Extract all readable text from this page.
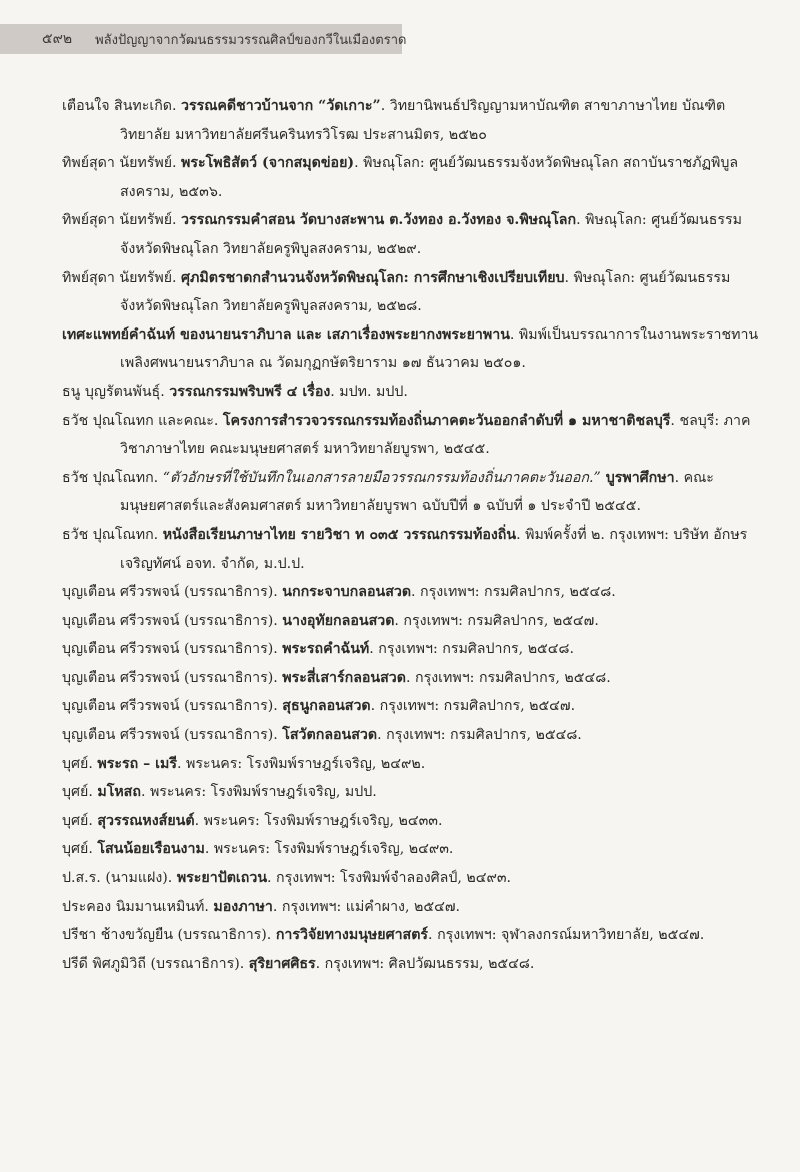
๕๙๒ พลังปัญญาจากวัฒนธรรมวรรณศิลป์ของกวีในเมืองตราด

เตือนใจ สินทะเกิด. วรรณคดีชาวบ้านจาก “วัดเกาะ”. วิทยานิพนธ์ปริญญามหาบัณฑิต สาขาภาษาไทย บัณฑิตวิทยาลัย มหาวิทยาลัยศรีนครินทรวิโรฒ ประสานมิตร, ๒๕๒๐

ทิพย์สุดา นัยทรัพย์. พระโพธิสัตว์ (จากสมุดข่อย). พิษณุโลก: ศูนย์วัฒนธรรมจังหวัดพิษณุโลก สถาบันราชภัฏพิบูลสงคราม, ๒๕๓๖.

ทิพย์สุดา นัยทรัพย์. วรรณกรรมคำสอน วัดบางสะพาน ต.วังทอง อ.วังทอง จ.พิษณุโลก. พิษณุโลก: ศูนย์วัฒนธรรมจังหวัดพิษณุโลก วิทยาลัยครูพิบูลสงคราม, ๒๕๒๙.

ทิพย์สุดา นัยทรัพย์. ศุภมิตรชาดกสำนวนจังหวัดพิษณุโลก: การศึกษาเชิงเปรียบเทียบ. พิษณุโลก: ศูนย์วัฒนธรรมจังหวัดพิษณุโลก วิทยาลัยครูพิบูลสงคราม, ๒๕๒๘.

เทศะแพทย์คำฉันท์ ของนายนราภิบาล และ เสภาเรื่องพระยากงพระยาพาน. พิมพ์เป็นบรรณาการในงานพระราชทานเพลิงศพนายนราภิบาล ณ วัดมกุฏกษัตริยาราม ๑๗ ธันวาคม ๒๕๐๑.

ธนู บุญรัตนพันธุ์. วรรณกรรมพริบพรี ๔ เรื่อง. มปท. มปป.

ธวัช ปุณโณทก และคณะ. โครงการสำรวจวรรณกรรมท้องถิ่นภาคตะวันออกลำดับที่ ๑ มหาชาติชลบุรี. ชลบุรี: ภาควิชาภาษาไทย คณะมนุษยศาสตร์ มหาวิทยาลัยบูรพา, ๒๕๔๕.

ธวัช ปุณโณทก. “ตัวอักษรที่ใช้บันทึกในเอกสารลายมือวรรณกรรมท้องถิ่นภาคตะวันออก.” บูรพาศึกษา. คณะมนุษยศาสตร์และสังคมศาสตร์ มหาวิทยาลัยบูรพา ฉบับปีที่ ๑ ฉบับที่ ๑ ประจำปี ๒๕๔๕.

ธวัช ปุณโณทก. หนังสือเรียนภาษาไทย รายวิชา ท ๐๓๕ วรรณกรรมท้องถิ่น. พิมพ์ครั้งที่ ๒. กรุงเทพฯ: บริษัท อักษรเจริญทัศน์ อจท. จำกัด, ม.ป.ป.

บุญเตือน ศรีวรพจน์ (บรรณาธิการ). นกกระจาบกลอนสวด. กรุงเทพฯ: กรมศิลปากร, ๒๕๔๘.

บุญเตือน ศรีวรพจน์ (บรรณาธิการ). นางอุทัยกลอนสวด. กรุงเทพฯ: กรมศิลปากร, ๒๕๔๗.

บุญเตือน ศรีวรพจน์ (บรรณาธิการ). พระรถคำฉันท์. กรุงเทพฯ: กรมศิลปากร, ๒๕๔๘.

บุญเตือน ศรีวรพจน์ (บรรณาธิการ). พระสี่เสาร์กลอนสวด. กรุงเทพฯ: กรมศิลปากร, ๒๕๔๘.

บุญเตือน ศรีวรพจน์ (บรรณาธิการ). สุธนูกลอนสวด. กรุงเทพฯ: กรมศิลปากร, ๒๕๔๗.

บุญเตือน ศรีวรพจน์ (บรรณาธิการ). โสวัตกลอนสวด. กรุงเทพฯ: กรมศิลปากร, ๒๕๔๘.

บุศย์. พระรถ – เมรี. พระนคร: โรงพิมพ์ราษฎร์เจริญ, ๒๔๙๒.

บุศย์. มโหสถ. พระนคร: โรงพิมพ์ราษฎร์เจริญ, มปป.

บุศย์. สุวรรณหงส์ยนต์. พระนคร: โรงพิมพ์ราษฎร์เจริญ, ๒๔๓๓.

บุศย์. โสนน้อยเรือนงาม. พระนคร: โรงพิมพ์ราษฎร์เจริญ, ๒๔๙๓.

ป.ส.ร. (นามแฝง). พระยาปัตเถวน. กรุงเทพฯ: โรงพิมพ์จำลองศิลป์, ๒๔๙๓.

ประคอง นิมมานเหมินท์. มองภาษา. กรุงเทพฯ: แม่คำผาง, ๒๕๔๗.

ปรีชา ช้างขวัญยืน (บรรณาธิการ). การวิจัยทางมนุษยศาสตร์. กรุงเทพฯ: จุฬาลงกรณ์มหาวิทยาลัย, ๒๕๔๗.

ปรีดี พิศภูมิวิถี (บรรณาธิการ). สุริยาศศิธร. กรุงเทพฯ: ศิลปวัฒนธรรม, ๒๕๔๘.
